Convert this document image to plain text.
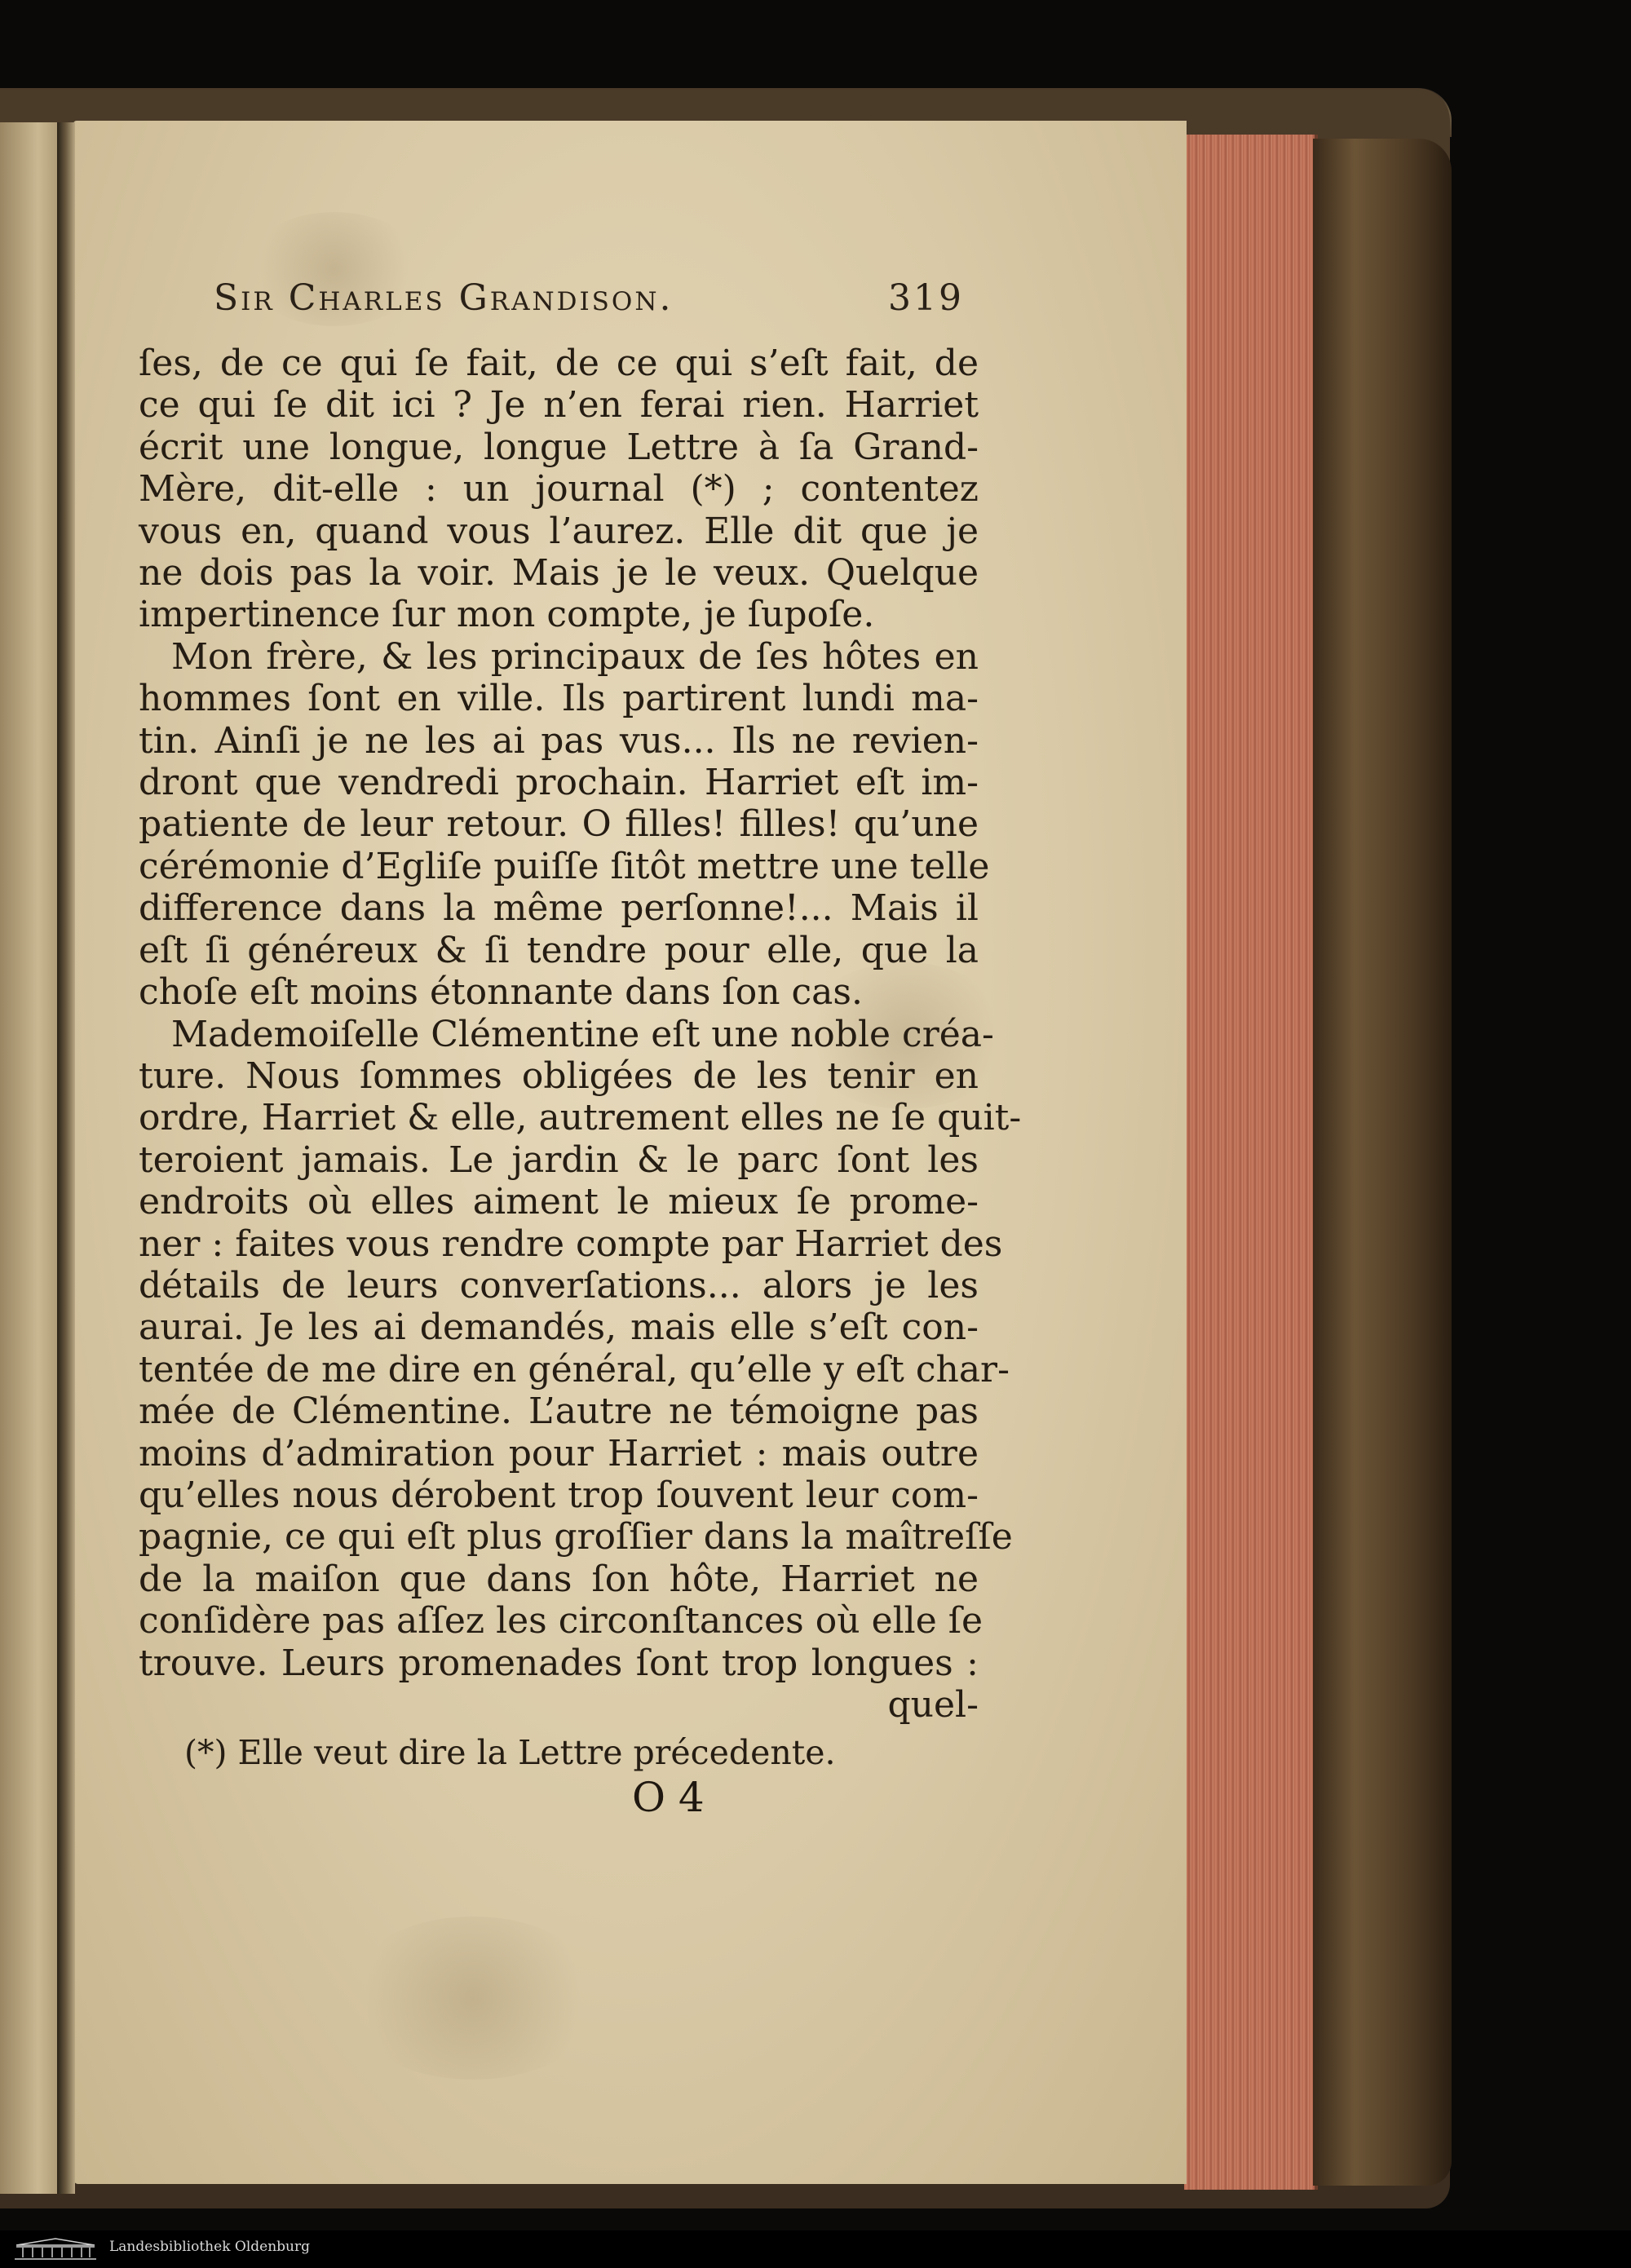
Sir Charles Grandison.	319
ſes, de ce qui ſe fait, de ce qui s’eſt fait, de
ce qui ſe dit ici ? Je n’en ferai rien. Harriet
écrit une longue, longue Lettre à ſa Grand-
Mère, dit-elle : un journal (*) ; contentez
vous en, quand vous l’aurez. Elle dit que je
ne dois pas la voir. Mais je le veux. Quelque
impertinence ſur mon compte, je ſupoſe.
Mon frère, & les principaux de ſes hôtes en
hommes ſont en ville. Ils partirent lundi ma-
tin. Ainſi je ne les ai pas vus... Ils ne revien-
dront que vendredi prochain. Harriet eſt im-
patiente de leur retour. O filles! filles! qu’une
cérémonie d’Egliſe puiſſe ſitôt mettre une telle
difference dans la même perſonne!... Mais il
eſt ſi généreux & ſi tendre pour elle, que la
choſe eſt moins étonnante dans ſon cas.
Mademoiſelle Clémentine eſt une noble créa-
ture. Nous ſommes obligées de les tenir en
ordre, Harriet & elle, autrement elles ne ſe quit-
teroient jamais. Le jardin & le parc ſont les
endroits où elles aiment le mieux ſe prome-
ner : faites vous rendre compte par Harriet des
détails de leurs converſations... alors je les
aurai. Je les ai demandés, mais elle s’eſt con-
tentée de me dire en général, qu’elle y eſt char-
mée de Clémentine. L’autre ne témoigne pas
moins d’admiration pour Harriet : mais outre
qu’elles nous dérobent trop ſouvent leur com-
pagnie, ce qui eſt plus groſſier dans la maîtreſſe
de la maiſon que dans ſon hôte, Harriet ne
conſidère pas aſſez les circonſtances où elle ſe
trouve. Leurs promenades ſont trop longues :
quel-
(*) Elle veut dire la Lettre précedente.
O 4
Landesbibliothek Oldenburg
